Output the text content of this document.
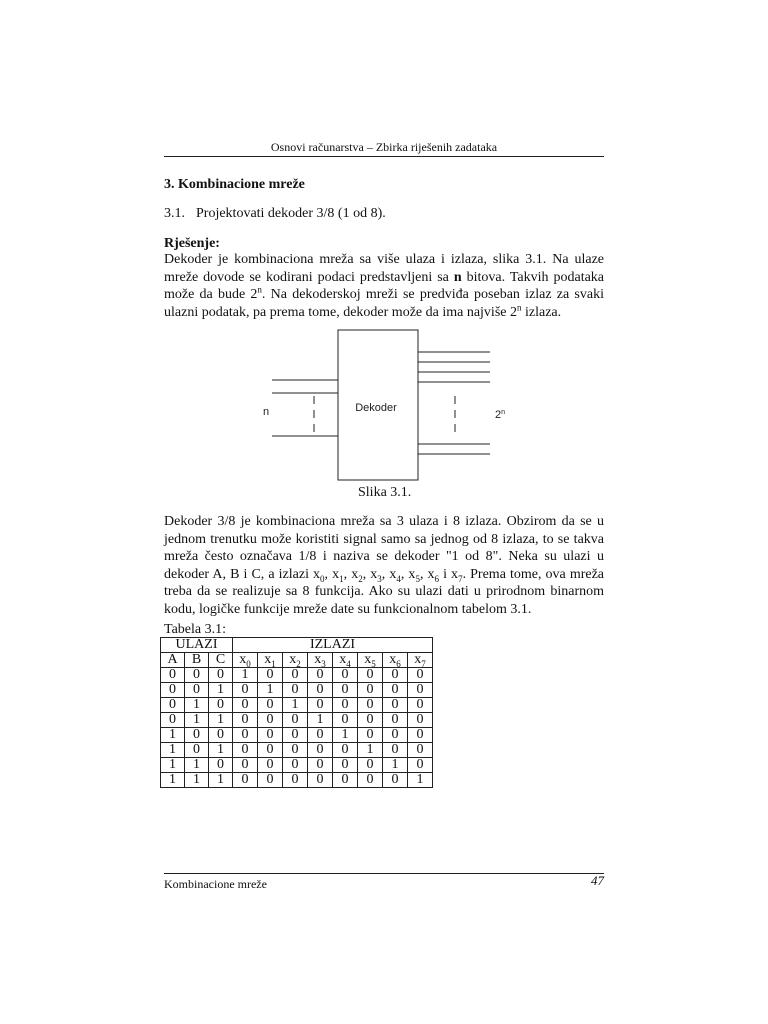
Osnovi računarstva – Zbirka riješenih zadataka
3. Kombinacione mreže
3.1. Projektovati dekoder 3/8 (1 od 8).
Rješenje:
Dekoder je kombinaciona mreža sa više ulaza i izlaza, slika 3.1. Na ulaze
mreže dovode se kodirani podaci predstavljeni sa n bitova. Takvih podataka
može da bude 2$^n$. Na dekoderskoj mreži se predviđa poseban izlaz za svaki
ulazni podatak, pa prema tome, dekoder može da ima najviše 2$^n$ izlaza.
Dekoder
n	2$^n$
Slika 3.1.
Dekoder 3/8 je kombinaciona mreža sa 3 ulaza i 8 izlaza. Obzirom da se u
jednom trenutku može koristiti signal samo sa jednog od 8 izlaza, to se takva
mreža često označava 1/8 i naziva se dekoder "1 od 8". Neka su ulazi u
dekoder A, B i C, a izlazi $x_0$, $x_1$, $x_2$, $x_3$, $x_4$, $x_5$, $x_6$ i $x_7$. Prema tome, ova mreža
treba da se realizuje sa 8 funkcija. Ako su ulazi dati u prirodnom binarnom
kodu, logičke funkcije mreže date su funkcionalnom tabelom 3.1.
Tabela 3.1:
ULAZI			IZLAZI							
A	B	C	$x_0$	$x_1$	$x_2$	$x_3$	$x_4$	$x_5$	$x_6$	$x_7$
0	0	0	1	0	0	0	0	0	0	0
0	0	1	0	1	0	0	0	0	0	0
0	1	0	0	0	1	0	0	0	0	0
0	1	1	0	0	0	1	0	0	0	0
1	0	0	0	0	0	0	1	0	0	0
1	0	1	0	0	0	0	0	1	0	0
1	1	0	0	0	0	0	0	0	1	0
1	1	1	0	0	0	0	0	0	0	1
Kombinacione mreže	47
